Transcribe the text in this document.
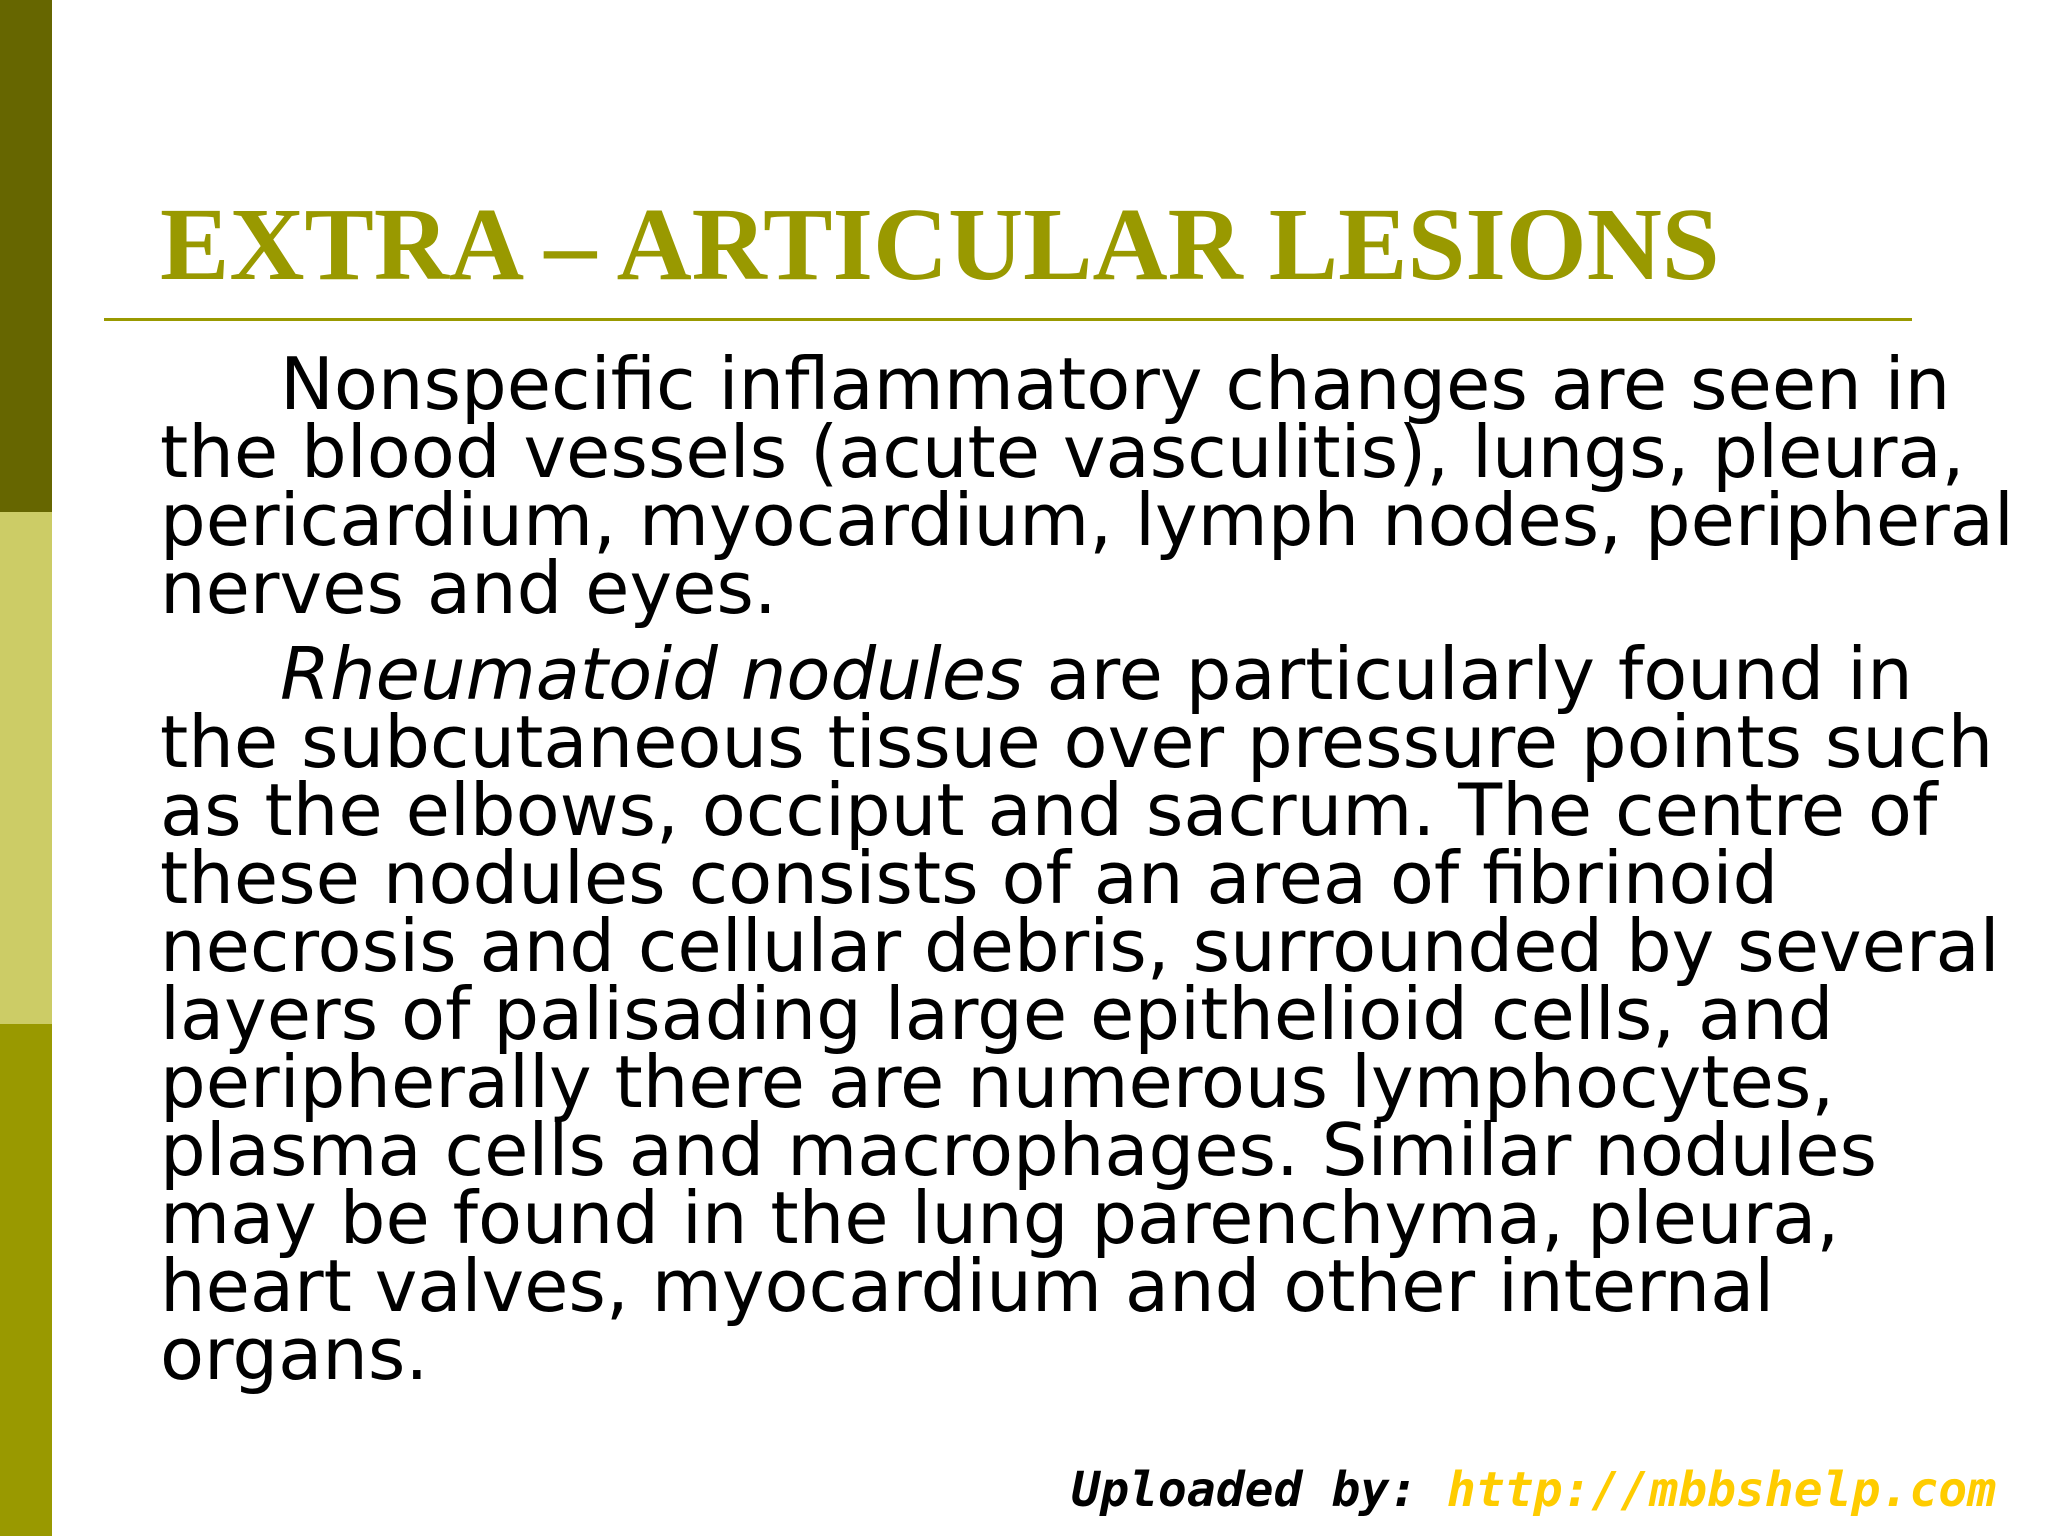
EXTRA – ARTICULAR LESIONS

Nonspecific inflammatory changes are seen in the blood vessels (acute vasculitis), lungs, pleura, pericardium, myocardium, lymph nodes, peripheral nerves and eyes.

Rheumatoid nodules are particularly found in the subcutaneous tissue over pressure points such as the elbows, occiput and sacrum. The centre of these nodules consists of an area of fibrinoid necrosis and cellular debris, surrounded by several layers of palisading large epithelioid cells, and peripherally there are numerous lymphocytes, plasma cells and macrophages. Similar nodules may be found in the lung parenchyma, pleura, heart valves, myocardium and other internal organs.

Uploaded by: http://mbbshelp.com
